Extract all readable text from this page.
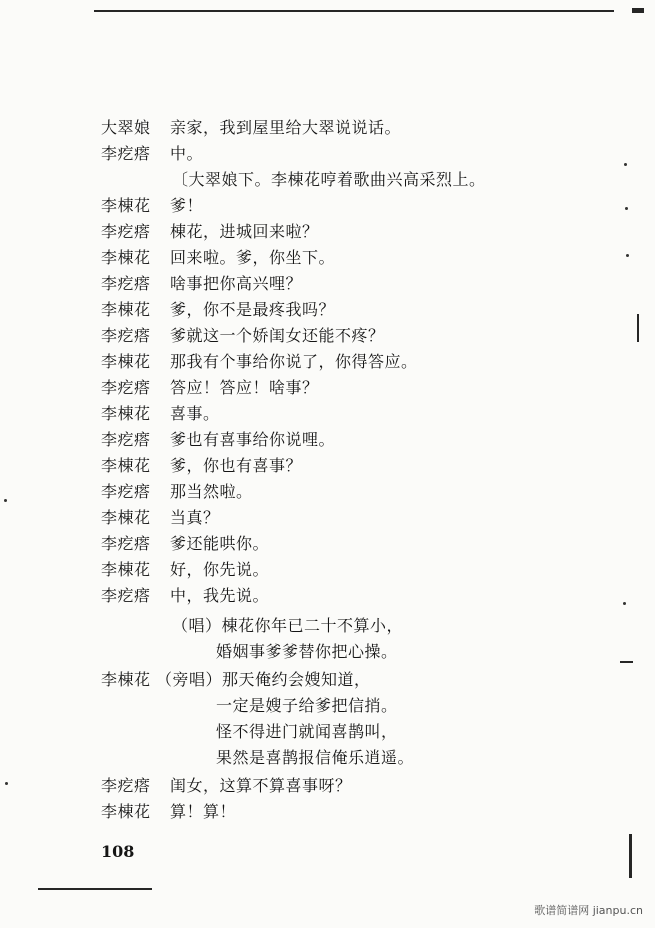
大翠娘 亲家，我到屋里给大翠说说话。
李疙瘩 中。
〔大翠娘下。李棟花哼着歌曲兴高采烈上。
李棟花 爹！
李疙瘩 棟花，进城回来啦？
李棟花 回来啦。爹，你坐下。
李疙瘩 啥事把你高兴哩？
李棟花 爹，你不是最疼我吗？
李疙瘩 爹就这一个娇闺女还能不疼？
李棟花 那我有个事给你说了，你得答应。
李疙瘩 答应！答应！啥事？
李棟花 喜事。
李疙瘩 爹也有喜事给你说哩。
李棟花 爹，你也有喜事？
李疙瘩 那当然啦。
李棟花 当真？
李疙瘩 爹还能哄你。
李棟花 好，你先说。
李疙瘩 中，我先说。
（唱）棟花你年已二十不算小，
婚姻事爹爹替你把心操。
李棟花 （旁唱）那天俺约会嫂知道，
一定是嫂子给爹把信捎。
怪不得进门就闻喜鹊叫，
果然是喜鹊报信俺乐逍遥。
李疙瘩 闺女，这算不算喜事呀？
李棟花 算！算！
108
歌谱简谱网 jianpu.cn
